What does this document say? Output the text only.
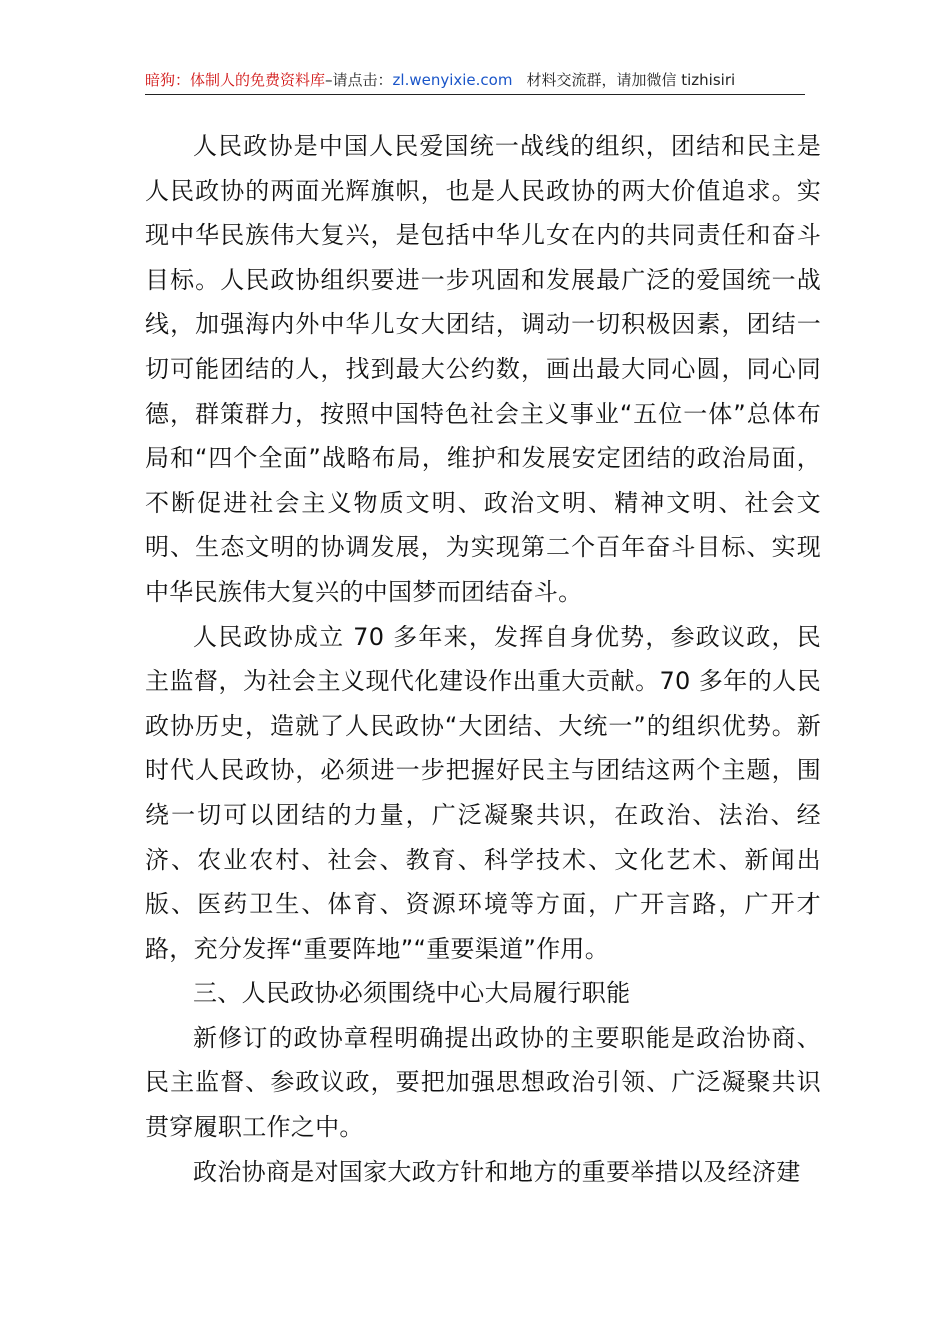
暗狗：体制人的免费资料库–请点击：zl.wenyixie.com 材料交流群，请加微信 tizhisiri

人民政协是中国人民爱国统一战线的组织，团结和民主是人民政协的两面光辉旗帜，也是人民政协的两大价值追求。实现中华民族伟大复兴，是包括中华儿女在内的共同责任和奋斗目标。人民政协组织要进一步巩固和发展最广泛的爱国统一战线，加强海内外中华儿女大团结，调动一切积极因素，团结一切可能团结的人，找到最大公约数，画出最大同心圆，同心同德，群策群力，按照中国特色社会主义事业“五位一体”总体布局和“四个全面”战略布局，维护和发展安定团结的政治局面，不断促进社会主义物质文明、政治文明、精神文明、社会文明、生态文明的协调发展，为实现第二个百年奋斗目标、实现中华民族伟大复兴的中国梦而团结奋斗。

人民政协成立 70 多年来，发挥自身优势，参政议政，民主监督，为社会主义现代化建设作出重大贡献。70 多年的人民政协历史，造就了人民政协“大团结、大统一”的组织优势。新时代人民政协，必须进一步把握好民主与团结这两个主题，围绕一切可以团结的力量，广泛凝聚共识，在政治、法治、经济、农业农村、社会、教育、科学技术、文化艺术、新闻出版、医药卫生、体育、资源环境等方面，广开言路，广开才路，充分发挥“重要阵地”“重要渠道”作用。

三、人民政协必须围绕中心大局履行职能

新修订的政协章程明确提出政协的主要职能是政治协商、民主监督、参政议政，要把加强思想政治引领、广泛凝聚共识贯穿履职工作之中。

政治协商是对国家大政方针和地方的重要举措以及经济建
